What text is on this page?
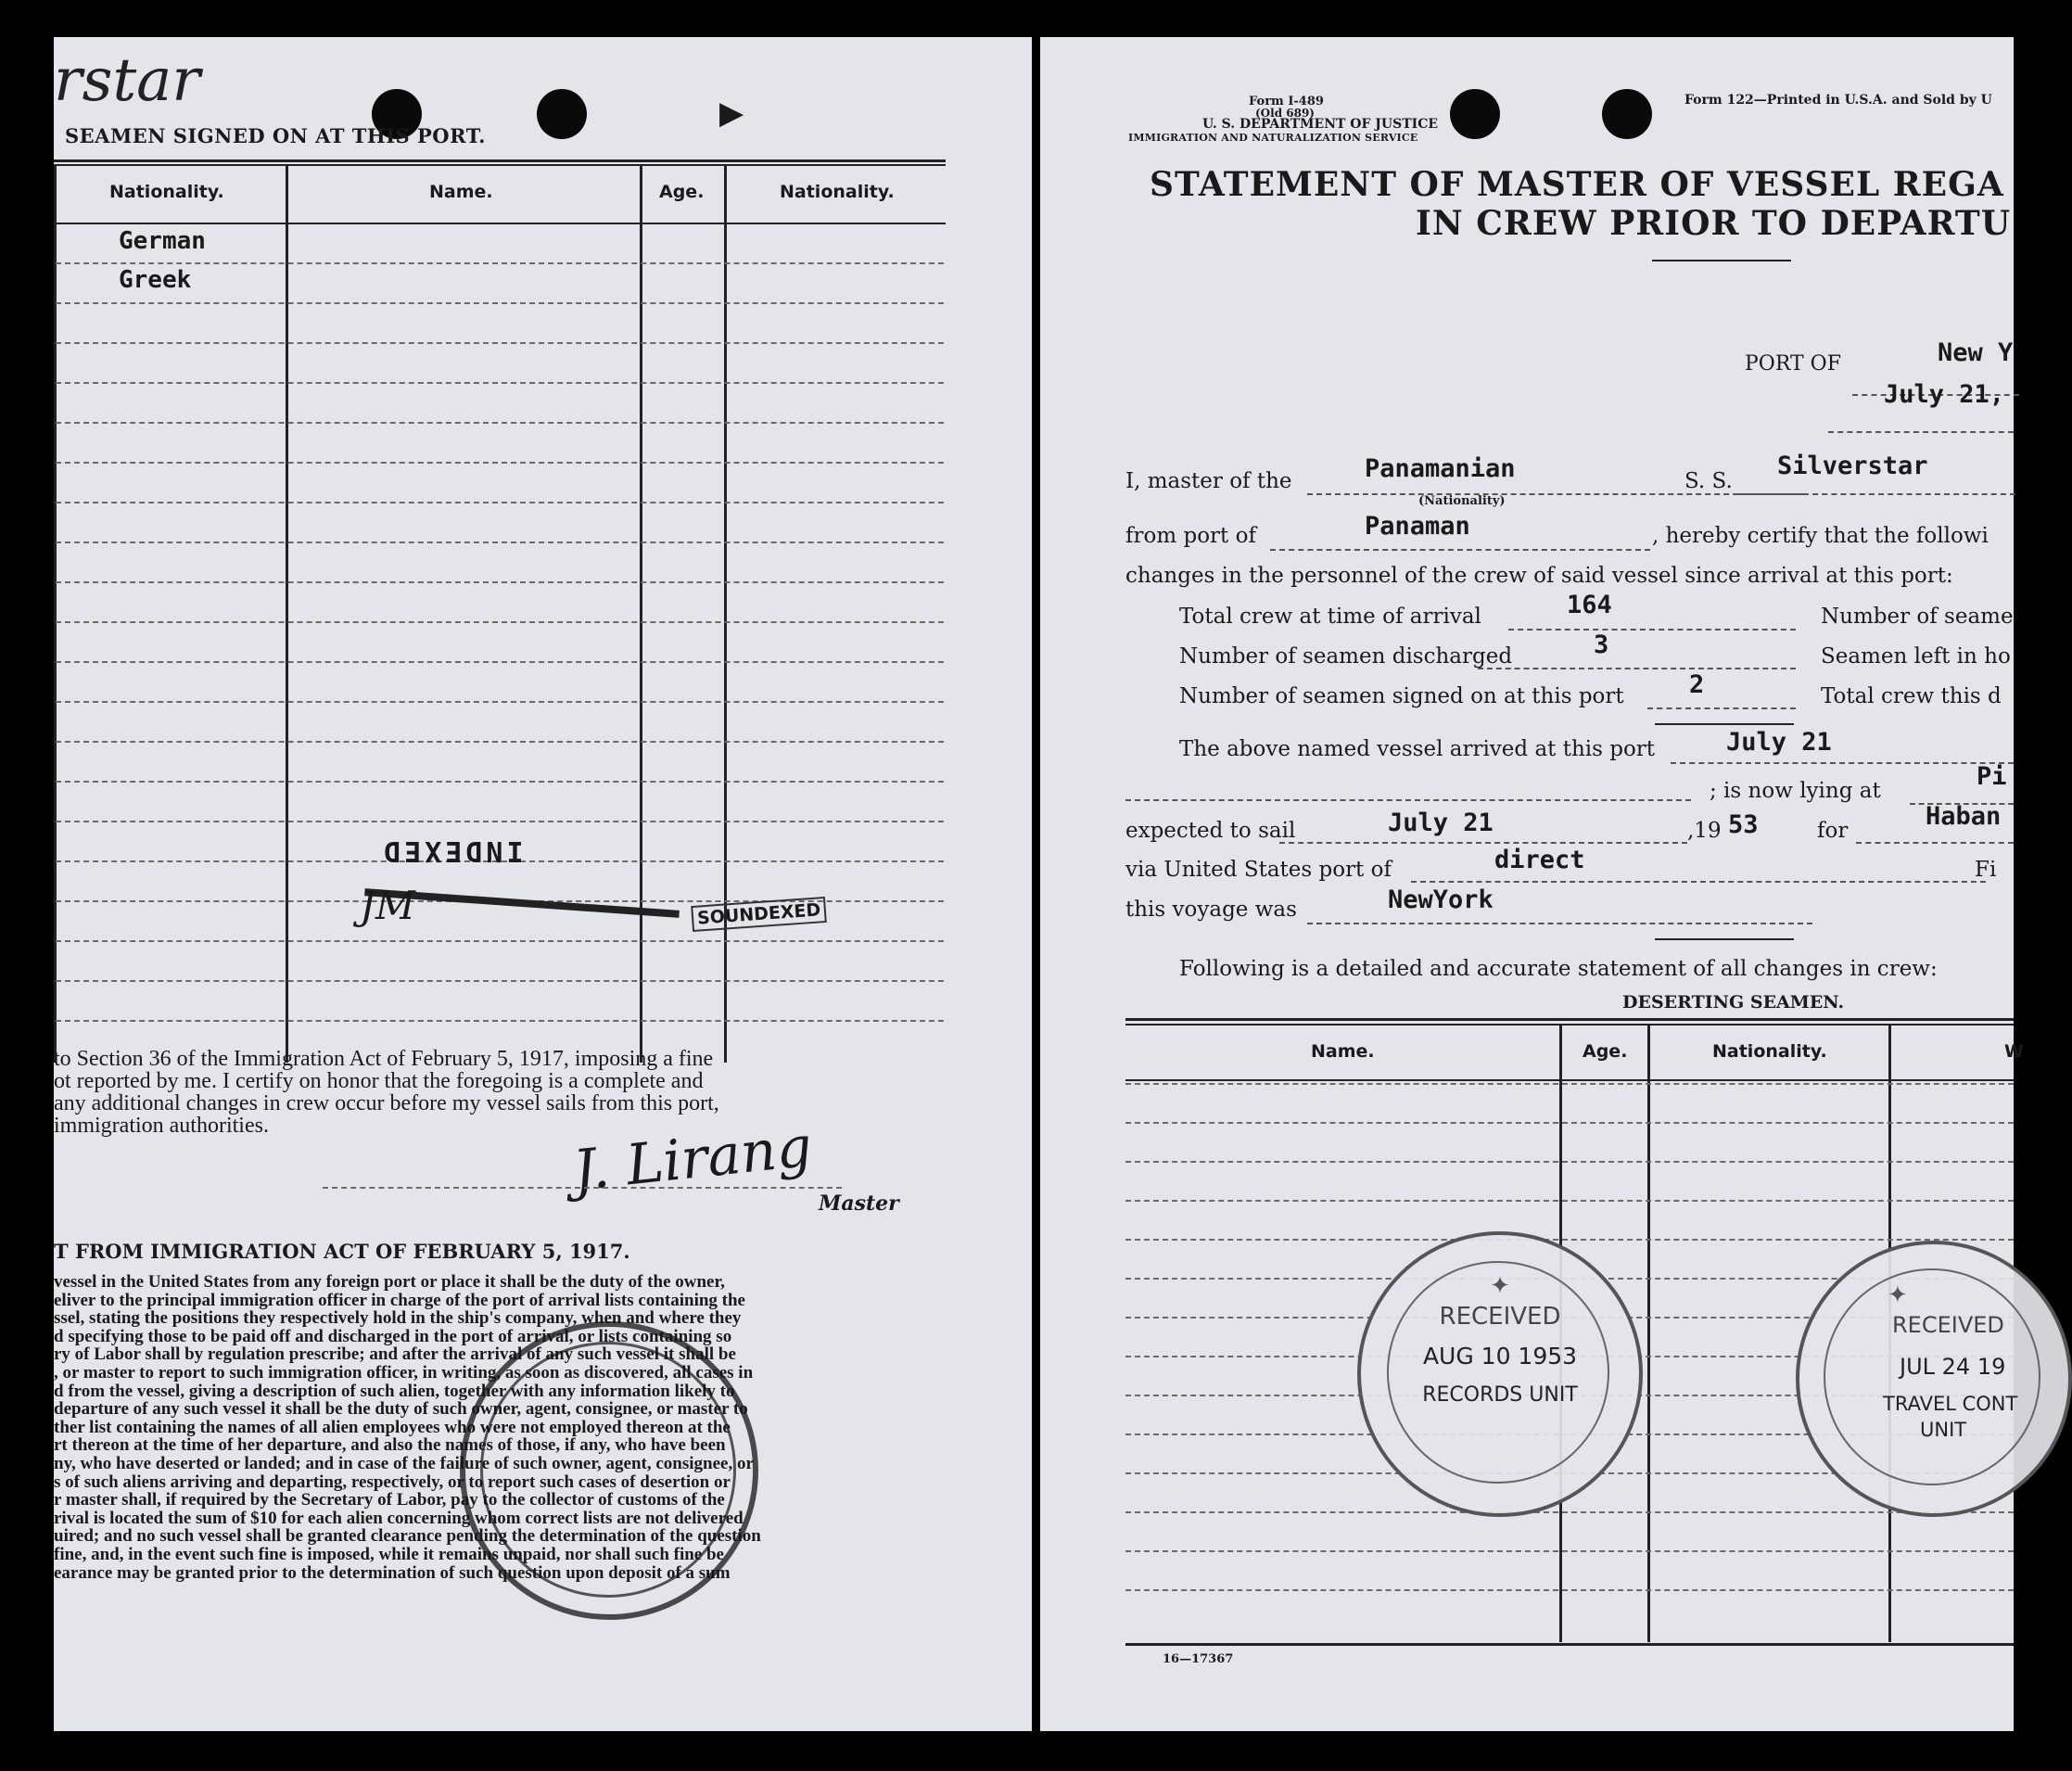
▶
rstar
SEAMEN SIGNED ON AT THIS PORT.
Nationality.	Name.	Age.	Nationality.
German
Greek
INDEXED
JM	SOUNDEXED
to Section 36 of the Immigration Act of February 5, 1917, imposing a fine
ot reported by me. I certify on honor that the foregoing is a complete and
any additional changes in crew occur before my vessel sails from this port,
immigration authorities.	J. Lirang Master
T FROM IMMIGRATION ACT OF FEBRUARY 5, 1917.
vessel in the United States from any foreign port or place it shall be the duty of the owner,
eliver to the principal immigration officer in charge of the port of arrival lists containing the
ssel, stating the positions they respectively hold in the ship's company, when and where they
d specifying those to be paid off and discharged in the port of arrival, or lists containing so
ry of Labor shall by regulation prescribe; and after the arrival of any such vessel it shall be
, or master to report to such immigration officer, in writing, as soon as discovered, all cases in
d from the vessel, giving a description of such alien, together with any information likely to
departure of any such vessel it shall be the duty of such owner, agent, consignee, or master to
ther list containing the names of all alien employees who were not employed thereon at the
rt thereon at the time of her departure, and also the names of those, if any, who have been
ny, who have deserted or landed; and in case of the failure of such owner, agent, consignee, or
s of such aliens arriving and departing, respectively, or to report such cases of desertion or
r master shall, if required by the Secretary of Labor, pay to the collector of customs of the
rival is located the sum of $10 for each alien concerning whom correct lists are not delivered
uired; and no such vessel shall be granted clearance pending the determination of the question
fine, and, in the event such fine is imposed, while it remains unpaid, nor shall such fine be
earance may be granted prior to the determination of such question upon deposit of a sum
Form I-489
(Old 689)
U. S. DEPARTMENT OF JUSTICE
IMMIGRATION AND NATURALIZATION SERVICE
Form 122—Printed in U.S.A. and Sold by U
STATEMENT OF MASTER OF VESSEL REGA
IN CREW PRIOR TO DEPARTU
PORT OF	New Y
July 21,
I, master of the	Panamanian
(Nationality)
S. S.
Silverstar
from port of	Panaman	, hereby certify that the followi
changes in the personnel of the crew of said vessel since arrival at this port:
Total crew at time of arrival	164	Number of seame
Number of seamen discharged	3	Seamen left in ho
Number of seamen signed on at this port	2	Total crew this d
The above named vessel arrived at this port	July 21
; is now lying at	Pi
expected to sail	July 21	,19 53	for	Haban
via United States port of	direct	Fi
this voyage was	NewYork
Following is a detailed and accurate statement of all changes in crew:
DESERTING SEAMEN.
Name.	Age.	Nationality.	W
16—17367
✦
RECEIVED
AUG 10 1953
RECORDS UNIT
✦
RECEIVED
JUL 24 19
TRAVEL CONT
UNIT
